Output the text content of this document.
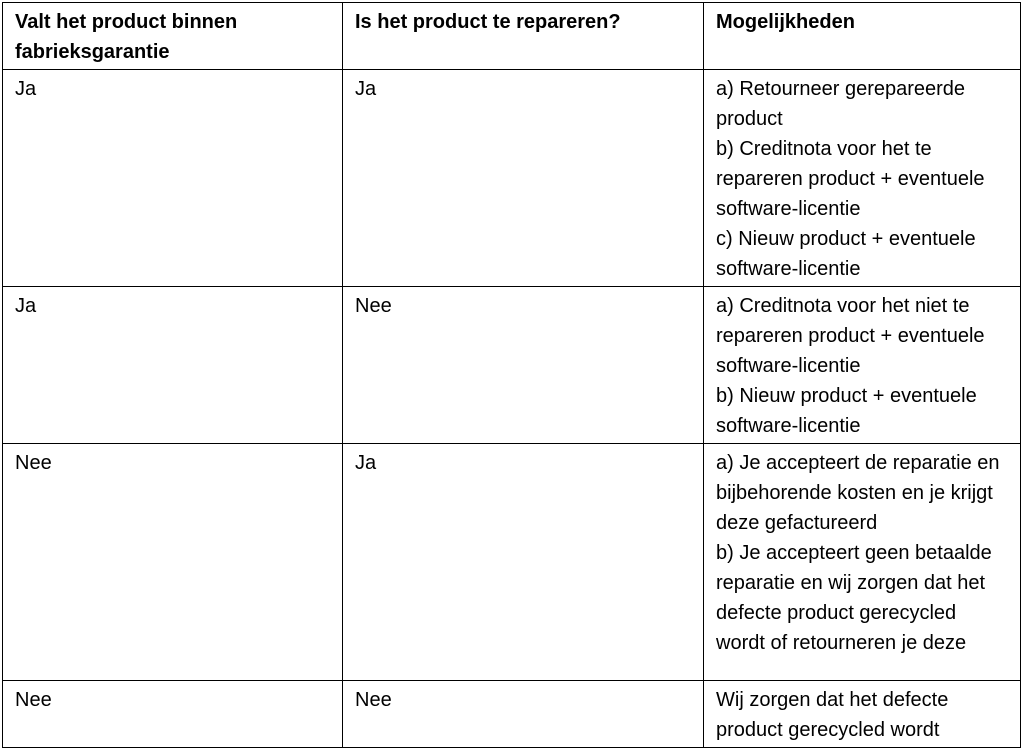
Valt het product binnen fabrieksgarantie	Is het product te repareren?	Mogelijkheden
Ja	Ja	a) Retourneer gerepareerde product
b) Creditnota voor het te repareren product + eventuele software-licentie
c) Nieuw product + eventuele software-licentie

Ja	Nee	a) Creditnota voor het niet te repareren product + eventuele software-licentie
b) Nieuw product + eventuele software-licentie

Nee	Ja	a) Je accepteert de reparatie en bijbehorende kosten en je krijgt deze gefactureerd
b) Je accepteert geen betaalde reparatie en wij zorgen dat het defecte product gerecycled wordt of retourneren je deze

Nee	Nee	Wij zorgen dat het defecte product gerecycled wordt
